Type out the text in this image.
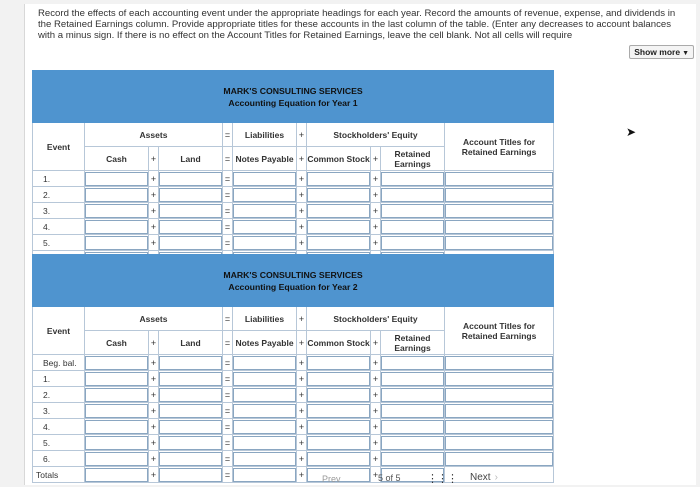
Record the effects of each accounting event under the appropriate headings for each year. Record the amounts of revenue, expense, and dividends in the Retained Earnings column. Provide appropriate titles for these accounts in the last column of the table. (Enter any decreases to account balances with a minus sign. If there is no effect on the Account Titles for Retained Earnings, leave the cell blank. Not all cells will require

Show more ▼
MARK'S CONSULTING SERVICES
Accounting Equation for Year 1										

Event	Assets			=	Liabilities	+	Stockholders' Equity			Account Titles for Retained Earnings
	Cash	+	Land	=	Notes Payable	+	Common Stock	+	Retained Earnings	
1.		+		=		+		+	

2.		+		=		+		+	

3.		+		=		+		+	

4.		+		=		+		+	

5.		+		=		+		+	

MARK'S CONSULTING SERVICES
Accounting Equation for Year 2										

Event	Assets			=	Liabilities	+	Stockholders' Equity			Account Titles for Retained Earnings
	Cash	+	Land	=	Notes Payable	+	Common Stock	+	Retained Earnings	
Beg. bal.		+		=		+		+	

1.		+		=		+		+	

2.		+		=		+		+	

3.		+		=		+		+	

4.		+		=		+		+	

5.		+		=		+		+	

6.		+		=		+		+	

Totals		+		=		+		+	

➤
Prev	5 of 5 ⋮⋮⋮ Next ›
